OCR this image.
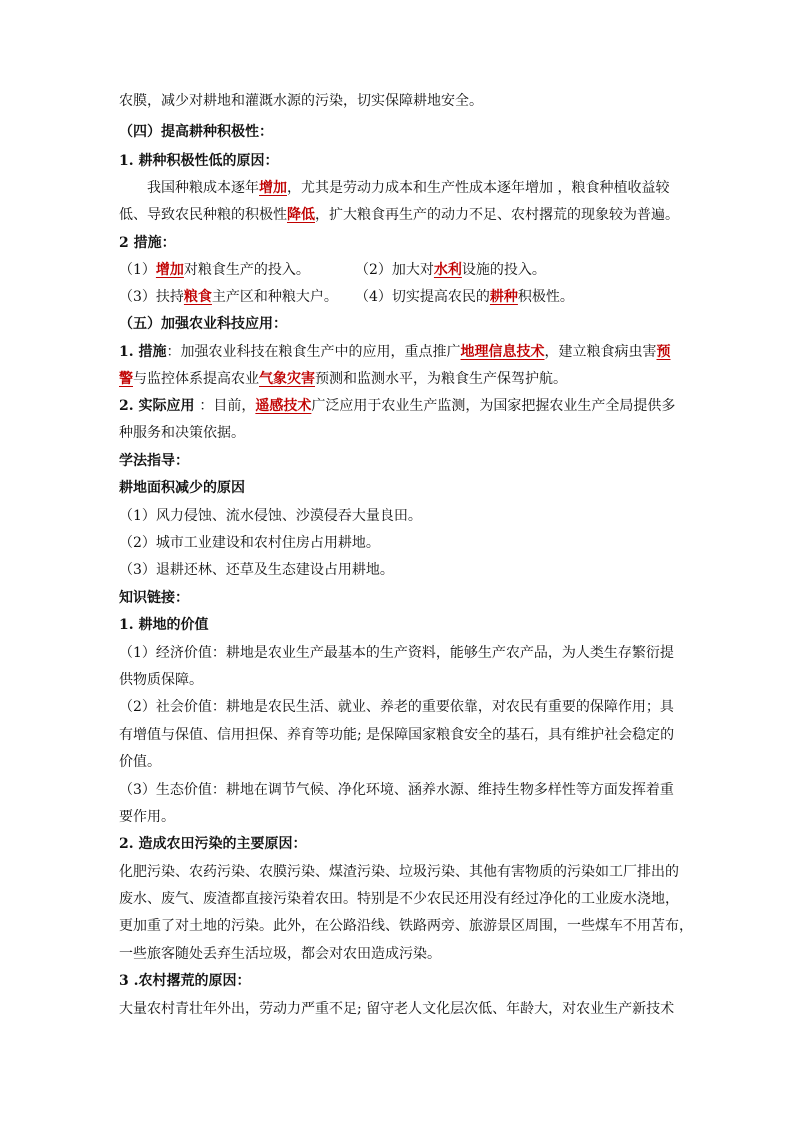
农膜，减少对耕地和灌溉水源的污染，切实保障耕地安全。
（四）提高耕种积极性：
1. 耕种积极性低的原因：
我国种粮成本逐年增加，尤其是劳动力成本和生产性成本逐年增加 ，粮食种植收益较
低、导致农民种粮的积极性降低，扩大粮食再生产的动力不足、农村撂荒的现象较为普遍。
2 措施：
（1）增加对粮食生产的投入。	（2）加大对水利设施的投入。
（3）扶持粮食主产区和种粮大户。 （4）切实提高农民的耕种积极性。
（五）加强农业科技应用：
1. 措施：加强农业科技在粮食生产中的应用，重点推广地理信息技术，建立粮食病虫害预
警与监控体系提高农业气象灾害预测和监测水平，为粮食生产保驾护航。
2. 实际应用 ：目前，遥感技术广泛应用于农业生产监测，为国家把握农业生产全局提供多
种服务和决策依据。
学法指导：
耕地面积减少的原因
（1）风力侵蚀、流水侵蚀、沙漠侵吞大量良田。
（2）城市工业建设和农村住房占用耕地。
（3）退耕还林、还草及生态建设占用耕地。
知识链接：
1. 耕地的价值
（1）经济价值：耕地是农业生产最基本的生产资料，能够生产农产品，为人类生存繁衍提
供物质保障。
（2）社会价值：耕地是农民生活、就业、养老的重要依靠，对农民有重要的保障作用；具
有增值与保值、信用担保、养育等功能; 是保障国家粮食安全的基石，具有维护社会稳定的
价值。
（3）生态价值：耕地在调节气候、净化环境、涵养水源、维持生物多样性等方面发挥着重
要作用。
2. 造成农田污染的主要原因：
化肥污染、农药污染、农膜污染、煤渣污染、垃圾污染、其他有害物质的污染如工厂排出的
废水、废气、废渣都直接污染着农田。特别是不少农民还用没有经过净化的工业废水浇地，
更加重了对土地的污染。此外，在公路沿线、铁路两旁、旅游景区周围，一些煤车不用苫布，
一些旅客随处丢弃生活垃圾，都会对农田造成污染。
3 .农村撂荒的原因：
大量农村青壮年外出，劳动力严重不足; 留守老人文化层次低、年龄大，对农业生产新技术
